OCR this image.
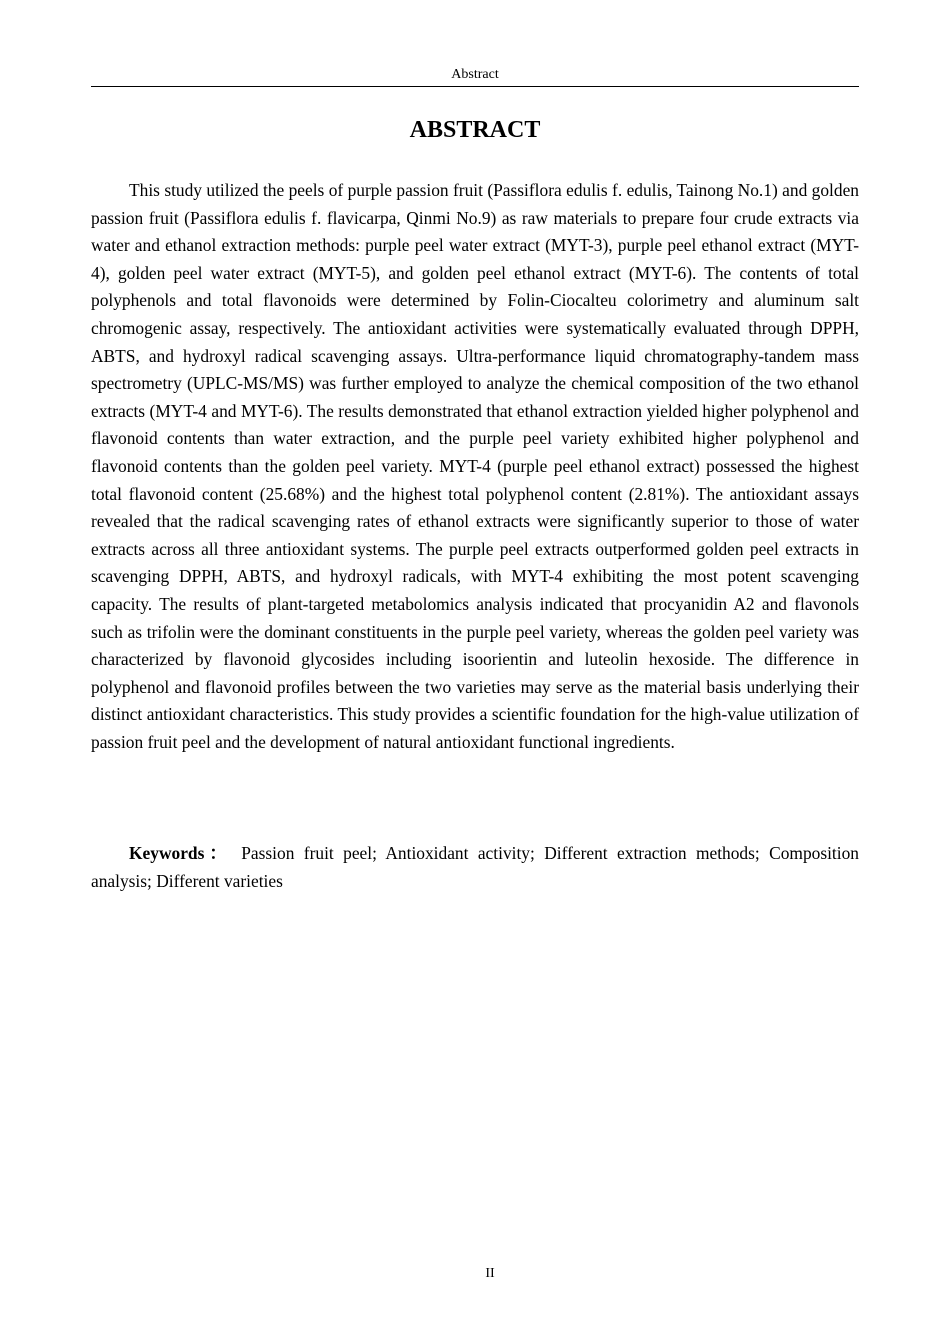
Abstract
ABSTRACT

This study utilized the peels of purple passion fruit (Passiflora edulis f. edulis, Tainong No.1) and golden passion fruit (Passiflora edulis f. flavicarpa, Qinmi No.9) as raw materials to prepare four crude extracts via water and ethanol extraction methods: purple peel water extract (MYT-3), purple peel ethanol extract (MYT-4), golden peel water extract (MYT-5), and golden peel ethanol extract (MYT-6). The contents of total polyphenols and total flavonoids were determined by Folin-Ciocalteu colorimetry and aluminum salt chromogenic assay, respectively. The antioxidant activities were systematically evaluated through DPPH, ABTS, and hydroxyl radical scavenging assays. Ultra-performance liquid chromatography-tandem mass spectrometry (UPLC-MS/MS) was further employed to analyze the chemical composition of the two ethanol extracts (MYT-4 and MYT-6). The results demonstrated that ethanol extraction yielded higher polyphenol and flavonoid contents than water extraction, and the purple peel variety exhibited higher polyphenol and flavonoid contents than the golden peel variety. MYT-4 (purple peel ethanol extract) possessed the highest total flavonoid content (25.68%) and the highest total polyphenol content (2.81%). The antioxidant assays revealed that the radical scavenging rates of ethanol extracts were significantly superior to those of water extracts across all three antioxidant systems. The purple peel extracts outperformed golden peel extracts in scavenging DPPH, ABTS, and hydroxyl radicals, with MYT-4 exhibiting the most potent scavenging capacity. The results of plant-targeted metabolomics analysis indicated that procyanidin A2 and flavonols such as trifolin were the dominant constituents in the purple peel variety, whereas the golden peel variety was characterized by flavonoid glycosides including isoorientin and luteolin hexoside. The difference in polyphenol and flavonoid profiles between the two varieties may serve as the material basis underlying their distinct antioxidant characteristics. This study provides a scientific foundation for the high-value utilization of passion fruit peel and the development of natural antioxidant functional ingredients.

Keywords： Passion fruit peel; Antioxidant activity; Different extraction methods; Composition analysis; Different varieties

II
